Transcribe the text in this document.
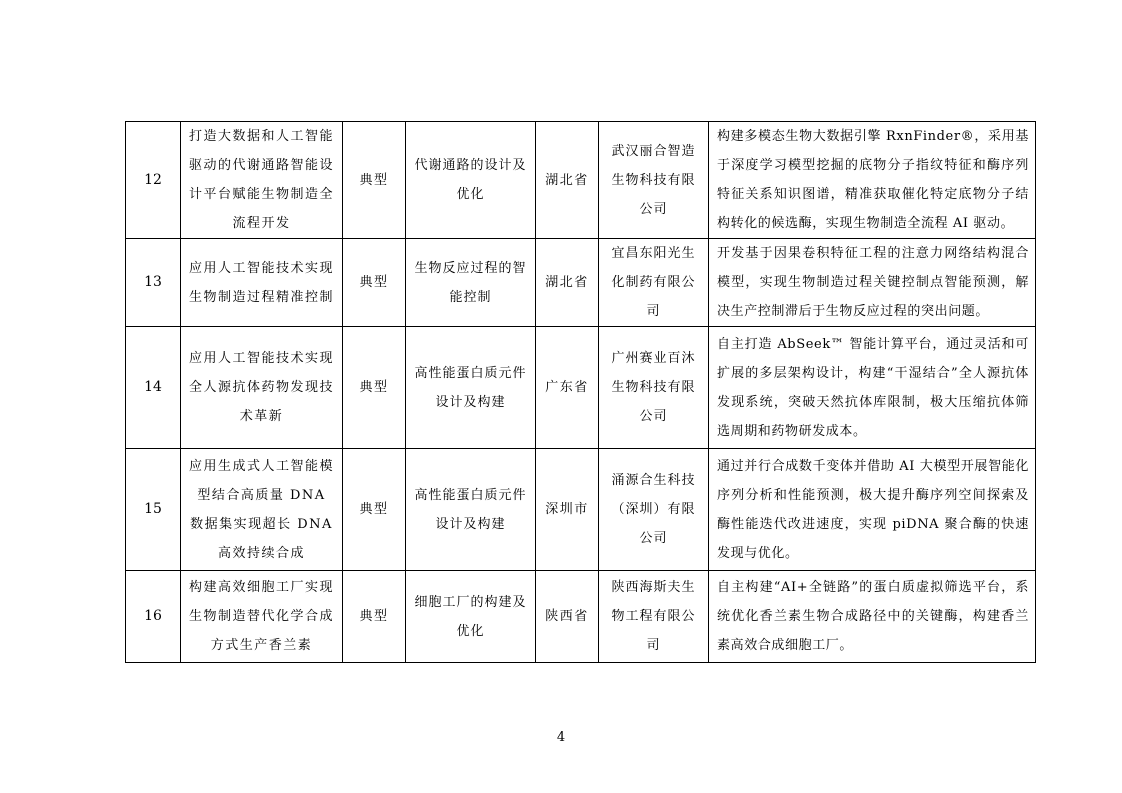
12	打造大数据和人工智能驱动的代谢通路智能设计平台赋能生物制造全流程开发	典型	代谢通路的设计及优化	湖北省	武汉丽合智造生物科技有限公司	构建多模态生物大数据引擎 RxnFinder®，采用基于深度学习模型挖掘的底物分子指纹特征和酶序列特征关系知识图谱，精准获取催化特定底物分子结构转化的候选酶，实现生物制造全流程 AI 驱动。
13	应用人工智能技术实现生物制造过程精准控制	典型	生物反应过程的智能控制	湖北省	宜昌东阳光生化制药有限公司	开发基于因果卷积特征工程的注意力网络结构混合模型，实现生物制造过程关键控制点智能预测，解决生产控制滞后于生物反应过程的突出问题。
14	应用人工智能技术实现全人源抗体药物发现技术革新	典型	高性能蛋白质元件设计及构建	广东省	广州赛业百沐生物科技有限公司	自主打造 AbSeek™ 智能计算平台，通过灵活和可扩展的多层架构设计，构建“干湿结合”全人源抗体发现系统，突破天然抗体库限制，极大压缩抗体筛选周期和药物研发成本。
15	应用生成式人工智能模型结合高质量 DNA 数据集实现超长 DNA 高效持续合成	典型	高性能蛋白质元件设计及构建	深圳市	涌源合生科技（深圳）有限公司	通过并行合成数千变体并借助 AI 大模型开展智能化序列分析和性能预测，极大提升酶序列空间探索及酶性能迭代改进速度，实现 piDNA 聚合酶的快速发现与优化。
16	构建高效细胞工厂实现生物制造替代化学合成方式生产香兰素	典型	细胞工厂的构建及优化	陕西省	陕西海斯夫生物工程有限公司	自主构建“AI+全链路”的蛋白质虚拟筛选平台，系统优化香兰素生物合成路径中的关键酶，构建香兰素高效合成细胞工厂。
4
